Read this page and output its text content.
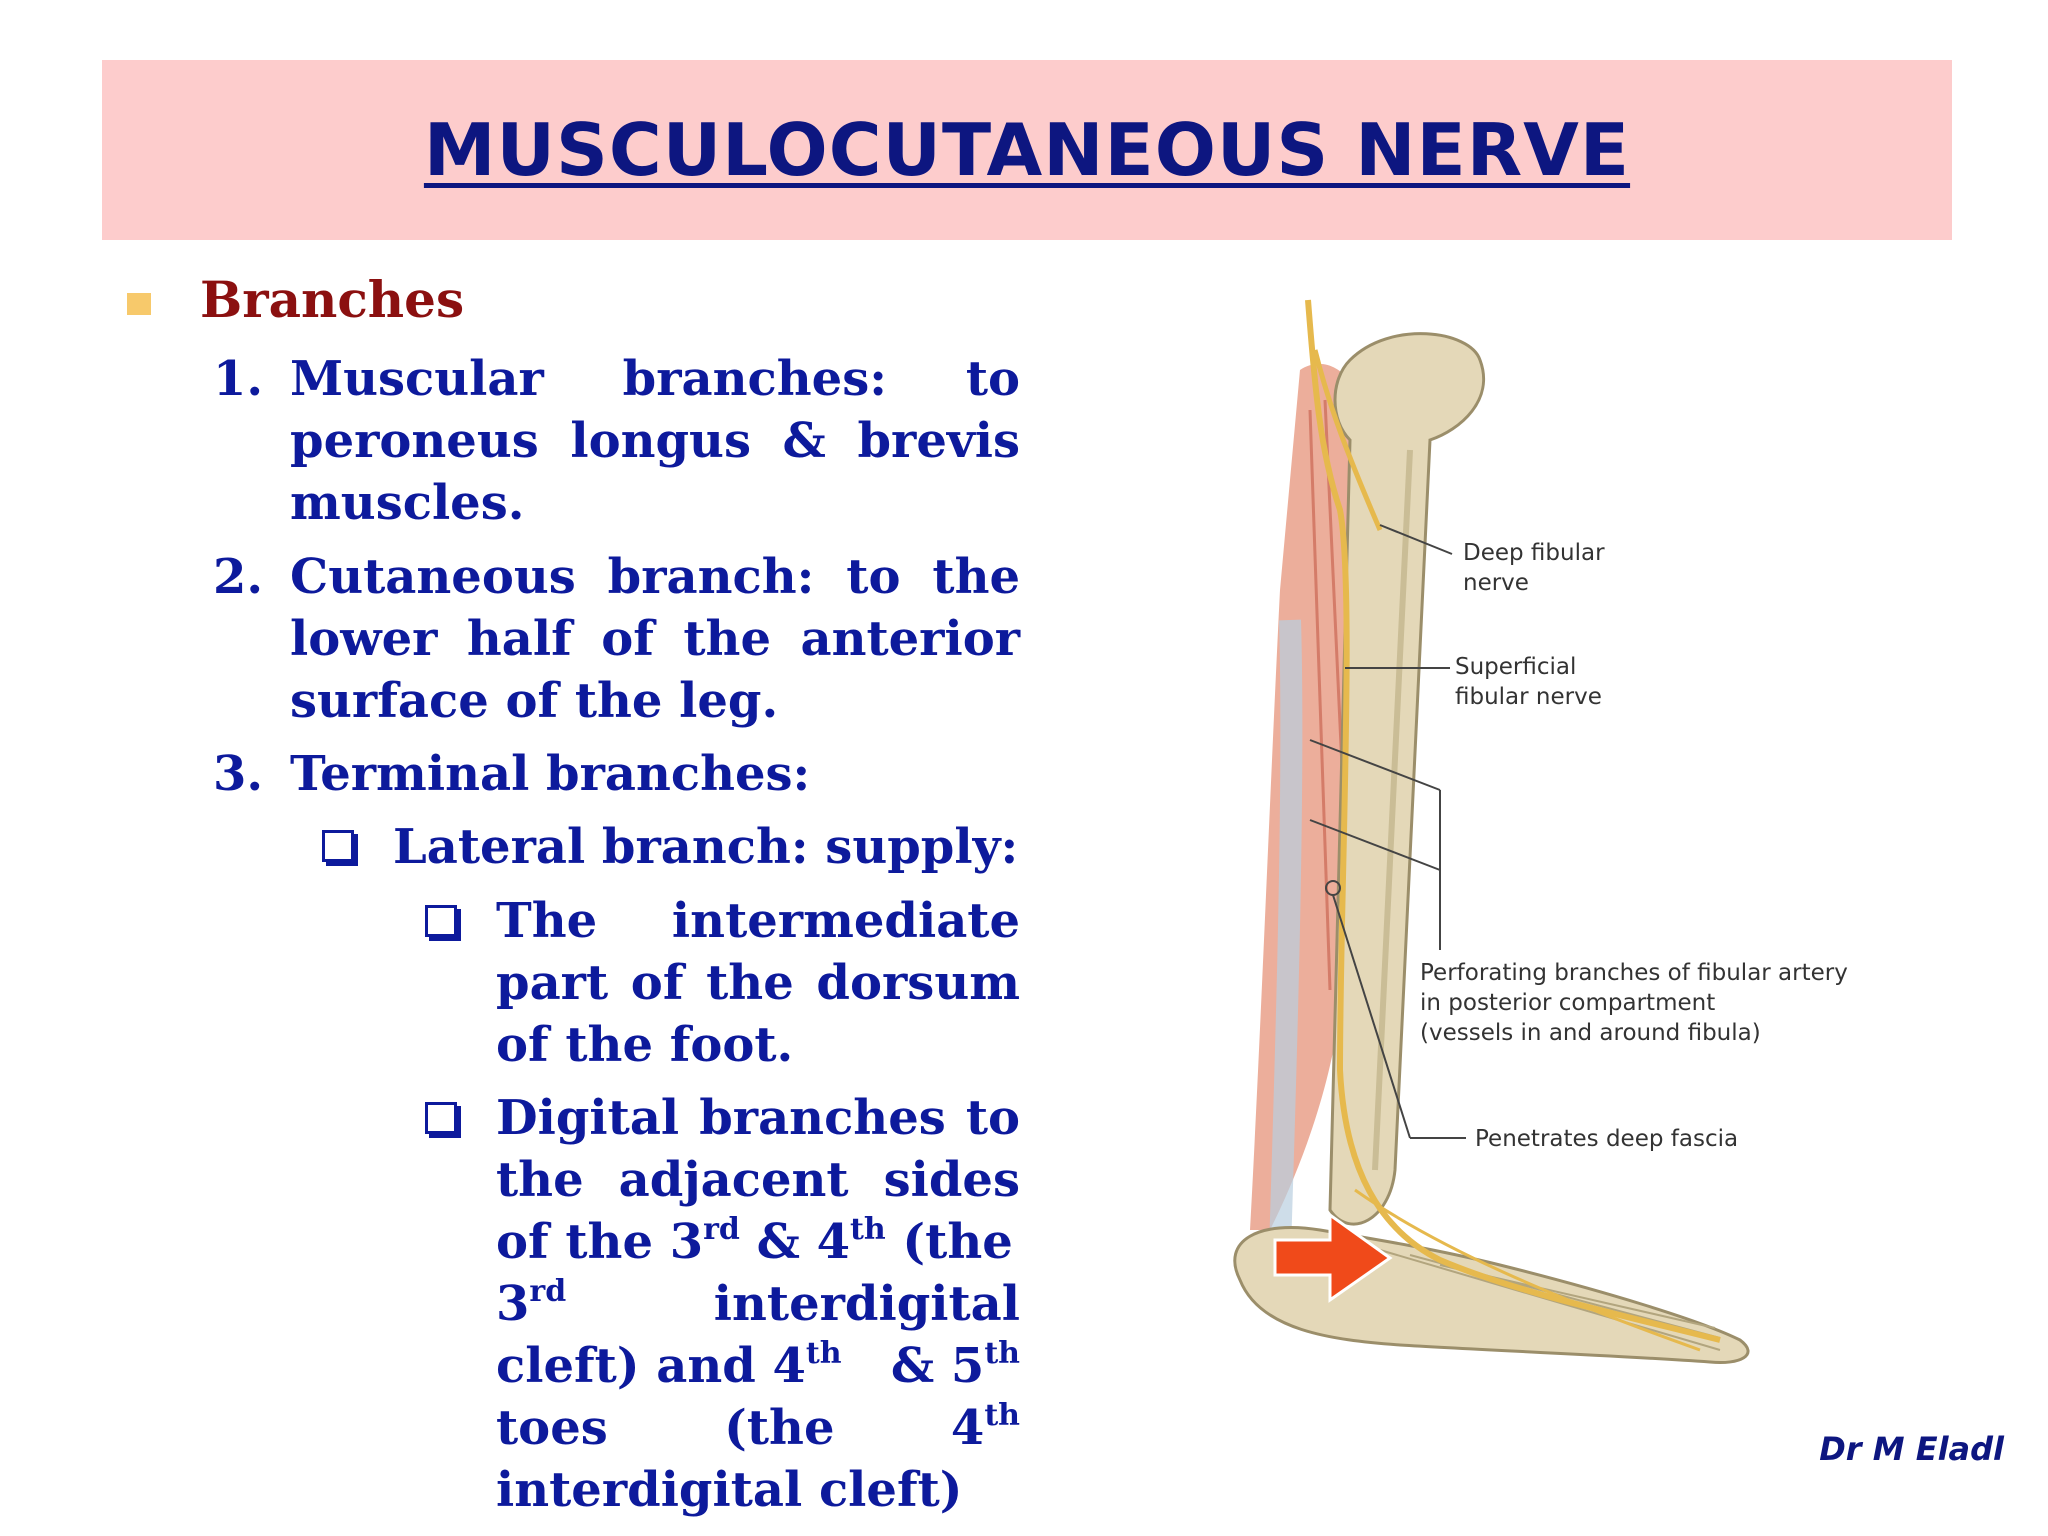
MUSCULOCUTANEOUS NERVE
Branches
1. Muscular branches: to
peroneus longus & brevis
muscles.
2. Cutaneous branch: to the
lower half of the anterior
surface of the leg.
3. Terminal branches:
Lateral branch: supply:
The intermediate
part of the dorsum
of the foot.
Digital branches to
the adjacent sides
of the 3rd & 4th (the
3rd	interdigital
cleft) and 4th & 5th
toes (the 4th
interdigital cleft)
Deep fibular
nerve
Superficial
fibular nerve
Perforating branches of fibular artery
in posterior compartment
(vessels in and around fibula)
Penetrates deep fascia
Dr M Eladl
